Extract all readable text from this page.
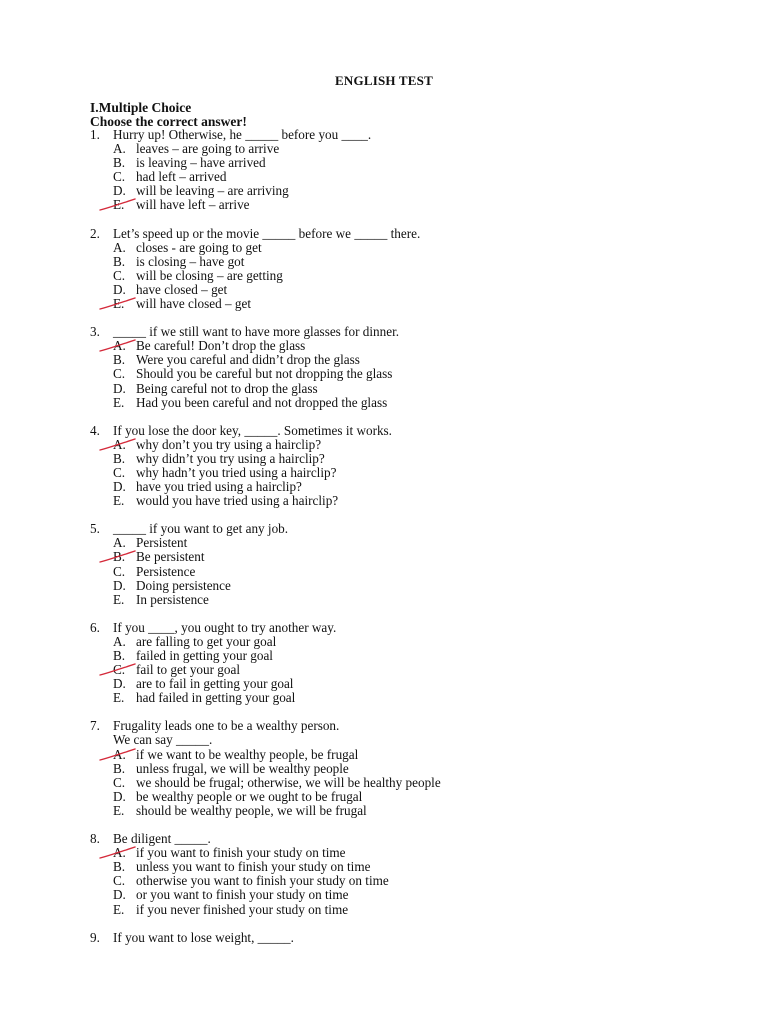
ENGLISH TEST
I.Multiple Choice
Choose the correct answer!
1. Hurry up! Otherwise, he _____ before you ____.
A. leaves – are going to arrive
B. is leaving – have arrived
C. had left – arrived
D. will be leaving – are arriving
E. will have left – arrive
2. Let’s speed up or the movie _____ before we _____ there.
A. closes - are going to get
B. is closing – have got
C. will be closing – are getting
D. have closed – get
E. will have closed – get
3. _____ if we still want to have more glasses for dinner.
A. Be careful! Don’t drop the glass
B. Were you careful and didn’t drop the glass
C. Should you be careful but not dropping the glass
D. Being careful not to drop the glass
E. Had you been careful and not dropped the glass
4. If you lose the door key, _____. Sometimes it works.
A. why don’t you try using a hairclip?
B. why didn’t you try using a hairclip?
C. why hadn’t you tried using a hairclip?
D. have you tried using a hairclip?
E. would you have tried using a hairclip?
5. _____ if you want to get any job.
A. Persistent
B. Be persistent
C. Persistence
D. Doing persistence
E. In persistence
6. If you ____, you ought to try another way.
A. are falling to get your goal
B. failed in getting your goal
C. fail to get your goal
D. are to fail in getting your goal
E. had failed in getting your goal
7. Frugality leads one to be a wealthy person.
We can say _____.
A. if we want to be wealthy people, be frugal
B. unless frugal, we will be wealthy people
C. we should be frugal; otherwise, we will be healthy people
D. be wealthy people or we ought to be frugal
E. should be wealthy people, we will be frugal
8. Be diligent _____.
A. if you want to finish your study on time
B. unless you want to finish your study on time
C. otherwise you want to finish your study on time
D. or you want to finish your study on time
E. if you never finished your study on time
9. If you want to lose weight, _____.
